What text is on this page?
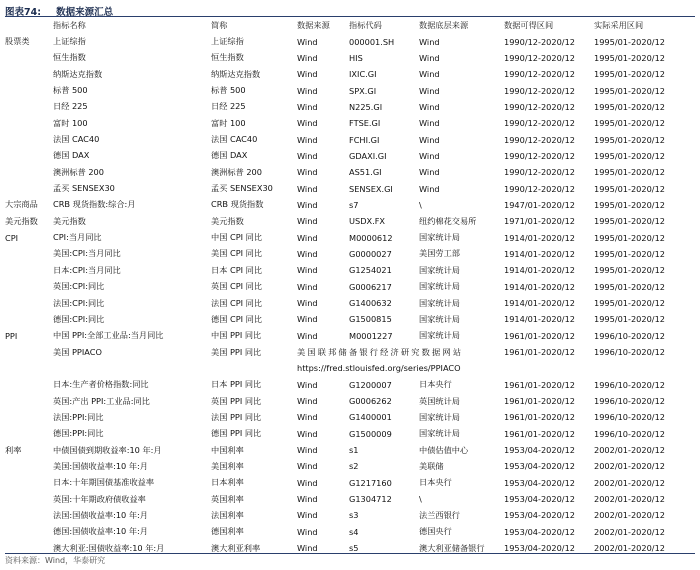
图表74: 数据来源汇总
	指标名称	简称	数据来源	指标代码	数据底层来源	数据可得区间	实际采用区间
股票类	上证综指	上证综指	Wind	000001.SH	Wind	1990/12-2020/12	1995/01-2020/12
	恒生指数	恒生指数	Wind	HIS	Wind	1990/12-2020/12	1995/01-2020/12
	纳斯达克指数	纳斯达克指数	Wind	IXIC.GI	Wind	1990/12-2020/12	1995/01-2020/12
	标普 500	标普 500	Wind	SPX.GI	Wind	1990/12-2020/12	1995/01-2020/12
	日经 225	日经 225	Wind	N225.GI	Wind	1990/12-2020/12	1995/01-2020/12
	富时 100	富时 100	Wind	FTSE.GI	Wind	1990/12-2020/12	1995/01-2020/12
	法国 CAC40	法国 CAC40	Wind	FCHI.GI	Wind	1990/12-2020/12	1995/01-2020/12
	德国 DAX	德国 DAX	Wind	GDAXI.GI	Wind	1990/12-2020/12	1995/01-2020/12
	澳洲标普 200	澳洲标普 200	Wind	AS51.GI	Wind	1990/12-2020/12	1995/01-2020/12
	孟买 SENSEX30	孟买 SENSEX30	Wind	SENSEX.GI	Wind	1990/12-2020/12	1995/01-2020/12
大宗商品	CRB 现货指数:综合:月	CRB 现货指数	Wind	s7	\	1947/01-2020/12	1995/01-2020/12
美元指数	美元指数	美元指数	Wind	USDX.FX	纽约棉花交易所	1971/01-2020/12	1995/01-2020/12
CPI	CPI:当月同比	中国 CPI 同比	Wind	M0000612	国家统计局	1914/01-2020/12	1995/01-2020/12
	美国:CPI:当月同比	美国 CPI 同比	Wind	G0000027	美国劳工部	1914/01-2020/12	1995/01-2020/12
	日本:CPI:当月同比	日本 CPI 同比	Wind	G1254021	国家统计局	1914/01-2020/12	1995/01-2020/12
	英国:CPI:同比	英国 CPI 同比	Wind	G0006217	国家统计局	1914/01-2020/12	1995/01-2020/12
	法国:CPI:同比	法国 CPI 同比	Wind	G1400632	国家统计局	1914/01-2020/12	1995/01-2020/12
	德国:CPI:同比	德国 CPI 同比	Wind	G1500815	国家统计局	1914/01-2020/12	1995/01-2020/12
PPI	中国 PPI:全部工业品:当月同比	中国 PPI 同比	Wind	M0001227	国家统计局	1961/01-2020/12	1996/10-2020/12
	美国 PPIACO	美国 PPI 同比	美国联邦储备银行经济研究数据网站			1961/01-2020/12	1996/10-2020/12
			https://fred.stlouisfed.org/series/PPIACO				
	日本:生产者价格指数:同比	日本 PPI 同比	Wind	G1200007	日本央行	1961/01-2020/12	1996/10-2020/12
	英国:产出 PPI:工业品:同比	英国 PPI 同比	Wind	G0006262	英国统计局	1961/01-2020/12	1996/10-2020/12
	法国:PPI:同比	法国 PPI 同比	Wind	G1400001	国家统计局	1961/01-2020/12	1996/10-2020/12
	德国:PPI:同比	德国 PPI 同比	Wind	G1500009	国家统计局	1961/01-2020/12	1996/10-2020/12
利率	中债国债到期收益率:10 年:月	中国利率	Wind	s1	中债估值中心	1953/04-2020/12	2002/01-2020/12
	美国:国债收益率:10 年:月	美国利率	Wind	s2	美联储	1953/04-2020/12	2002/01-2020/12
	日本:十年期国债基准收益率	日本利率	Wind	G1217160	日本央行	1953/04-2020/12	2002/01-2020/12
	英国:十年期政府债收益率	英国利率	Wind	G1304712	\	1953/04-2020/12	2002/01-2020/12
	法国:国债收益率:10 年:月	法国利率	Wind	s3	法兰西银行	1953/04-2020/12	2002/01-2020/12
	德国:国债收益率:10 年:月	德国利率	Wind	s4	德国央行	1953/04-2020/12	2002/01-2020/12
	澳大利亚:国债收益率:10 年:月	澳大利亚利率	Wind	s5	澳大利亚储备银行	1953/04-2020/12	2002/01-2020/12
资料来源：Wind，华泰研究
